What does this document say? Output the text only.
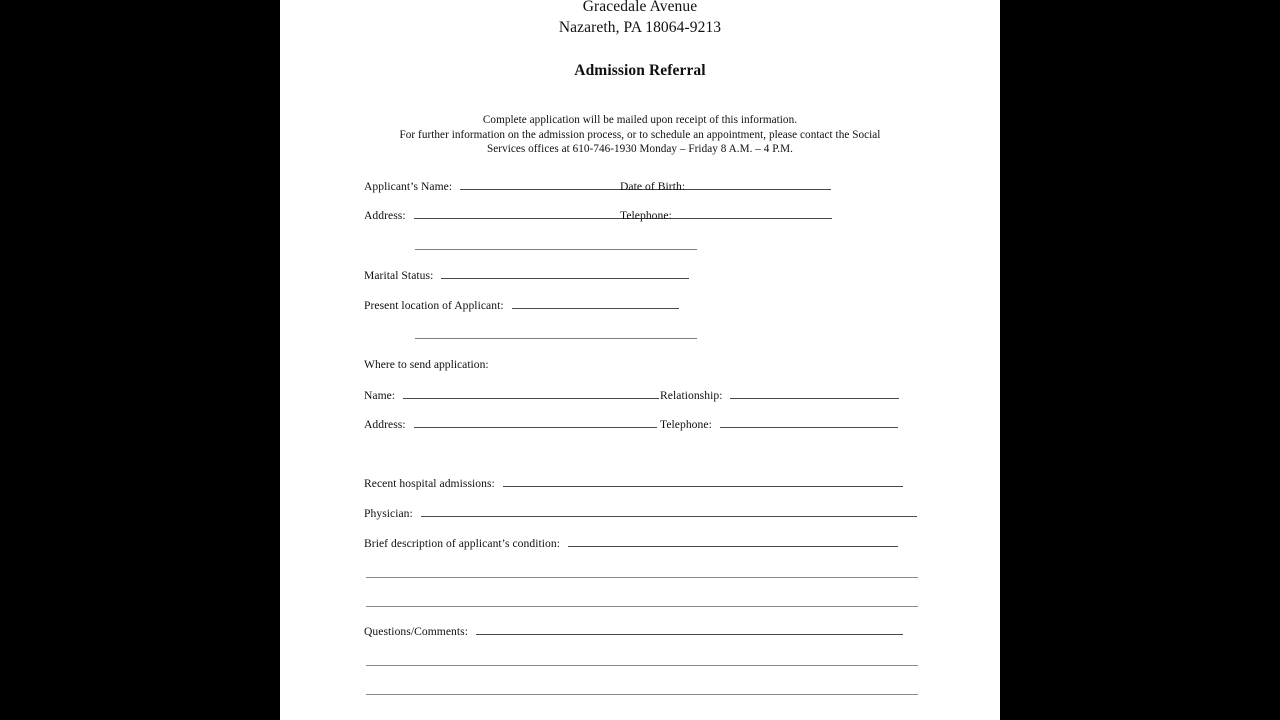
Gracedale Avenue
Nazareth, PA 18064-9213
Admission Referral
Complete application will be mailed upon receipt of this information.
For further information on the admission process, or to schedule an appointment, please contact the Social
Services offices at 610-746-1930 Monday – Friday 8 A.M. – 4 P.M.
Applicant’s Name:	Date of Birth:
Address:	Telephone:
Marital Status:
Present location of Applicant:
Where to send application:
Name:	Relationship:
Address:	Telephone:
Recent hospital admissions:
Physician:
Brief description of applicant’s condition:
Questions/Comments:
